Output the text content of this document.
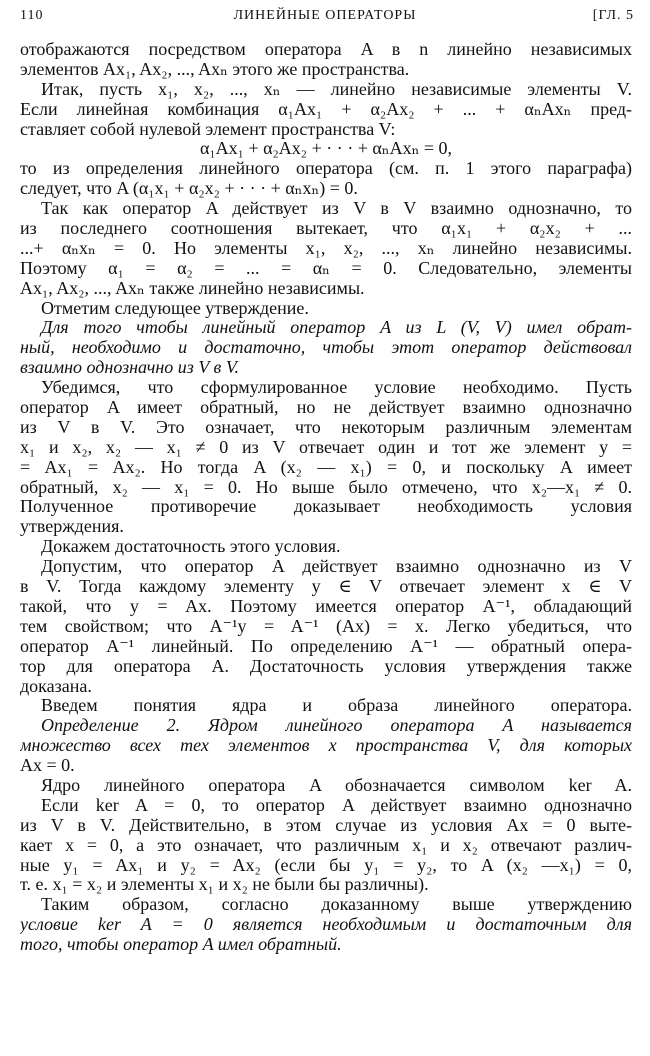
110	ЛИНЕЙНЫЕ ОПЕРАТОРЫ	[ГЛ. 5
отображаются посредством оператора A в n линейно независимых
элементов Ax₁, Ax₂, ..., Axₙ этого же пространства.
Итак, пусть x₁, x₂, ..., xₙ — линейно независимые элементы V.
Если линейная комбинация α₁Ax₁ + α₂Ax₂ + ... + αₙAxₙ пред-
ставляет собой нулевой элемент пространства V:
α₁Ax₁ + α₂Ax₂ + · · · + αₙAxₙ = 0,
то из определения линейного оператора (см. п. 1 этого параграфа)
следует, что A (α₁x₁ + α₂x₂ + · · · + αₙxₙ) = 0.
Так как оператор A действует из V в V взаимно однозначно, то
из последнего соотношения вытекает, что α₁x₁ + α₂x₂ + ...
...+ αₙxₙ = 0. Но элементы x₁, x₂, ..., xₙ линейно независимы.
Поэтому α₁ = α₂ = ... = αₙ = 0. Следовательно, элементы
Ax₁, Ax₂, ..., Axₙ также линейно независимы.
Отметим следующее утверждение.
Для того чтобы линейный оператор A из L (V, V) имел обрат-
ный, необходимо и достаточно, чтобы этот оператор действовал
взаимно однозначно из V в V.
Убедимся, что сформулированное условие необходимо. Пусть
оператор A имеет обратный, но не действует взаимно однозначно
из V в V. Это означает, что некоторым различным элементам
x₁ и x₂, x₂ — x₁ ≠ 0 из V отвечает один и тот же элемент y =
= Ax₁ = Ax₂. Но тогда A (x₂ — x₁) = 0, и поскольку A имеет
обратный, x₂ — x₁ = 0. Но выше было отмечено, что x₂—x₁ ≠ 0.
Полученное противоречие доказывает необходимость условия
утверждения.
Докажем достаточность этого условия.
Допустим, что оператор A действует взаимно однозначно из V
в V. Тогда каждому элементу y ∈ V отвечает элемент x ∈ V
такой, что y = Ax. Поэтому имеется оператор A⁻¹, обладающий
тем свойством; что A⁻¹y = A⁻¹ (Ax) = x. Легко убедиться, что
оператор A⁻¹ линейный. По определению A⁻¹ — обратный опера-
тор для оператора A. Достаточность условия утверждения также
доказана.
Введем понятия ядра и образа линейного оператора.
Определение 2. Ядром линейного оператора A называется
множество всех тех элементов x пространства V, для которых
Ax = 0.
Ядро линейного оператора A обозначается символом ker A.
Если ker A = 0, то оператор A действует взаимно однозначно
из V в V. Действительно, в этом случае из условия Ax = 0 выте-
кает x = 0, а это означает, что различным x₁ и x₂ отвечают различ-
ные y₁ = Ax₁ и y₂ = Ax₂ (если бы y₁ = y₂, то A (x₂ —x₁) = 0,
т. е. x₁ = x₂ и элементы x₁ и x₂ не были бы различны).
Таким образом, согласно доказанному выше утверждению
условие ker A = 0 является необходимым и достаточным для
того, чтобы оператор A имел обратный.
